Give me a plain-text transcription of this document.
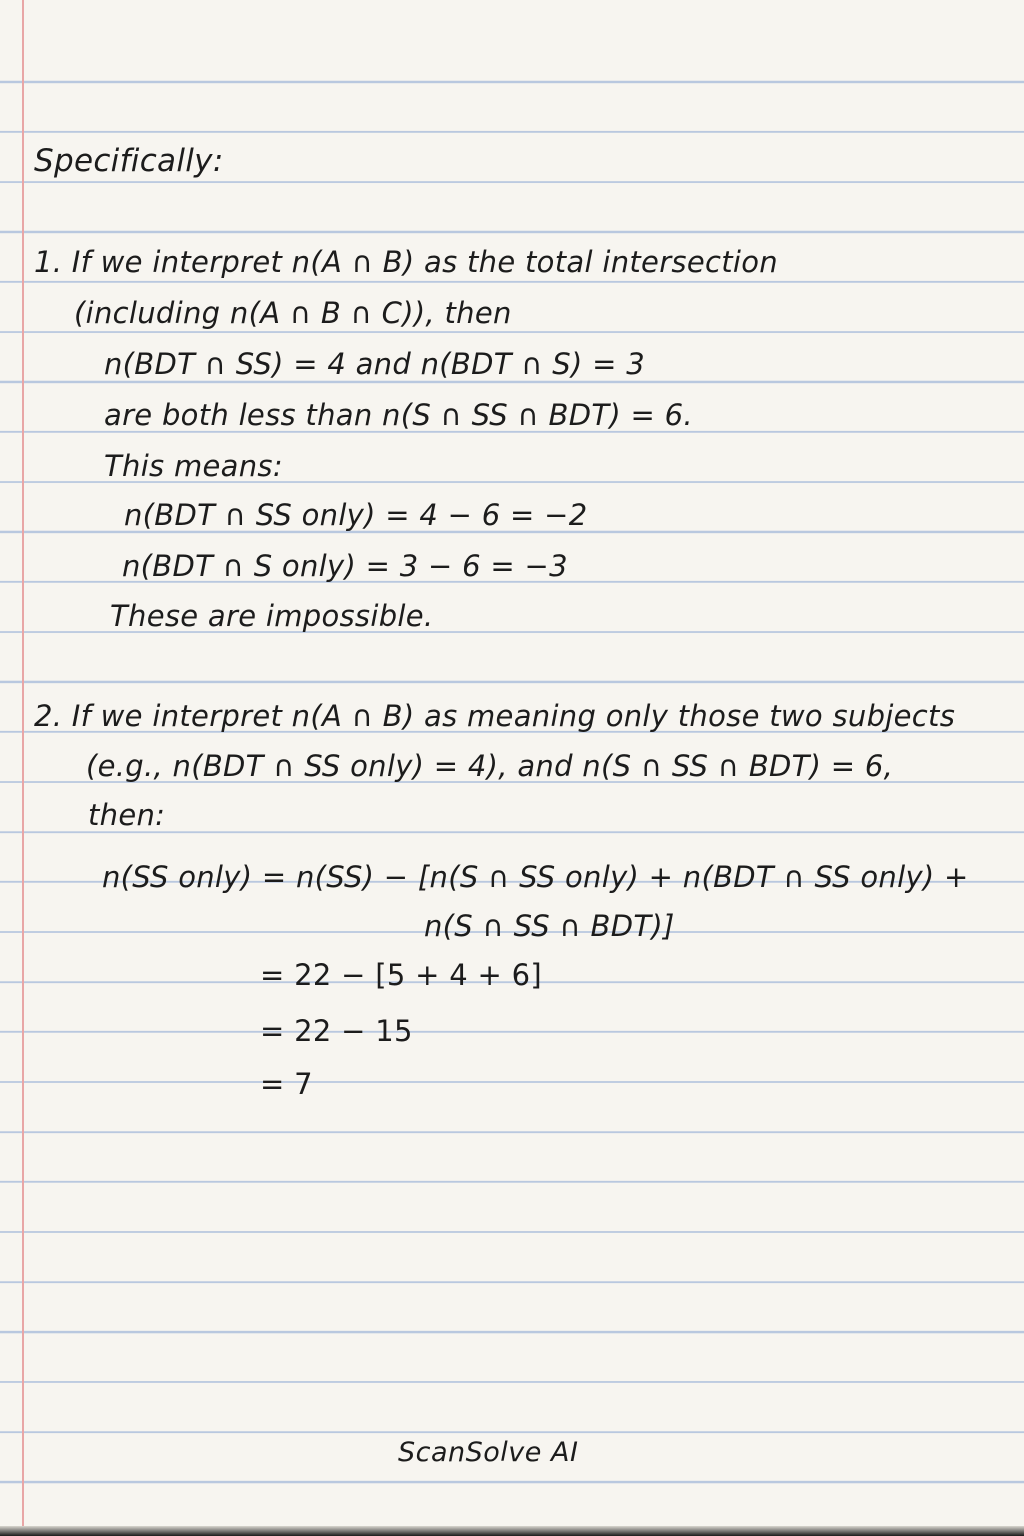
Specifically:
1. If we interpret n(A ∩ B) as the total intersection
(including n(A ∩ B ∩ C)), then
n(BDT ∩ SS) = 4 and n(BDT ∩ S) = 3
are both less than n(S ∩ SS ∩ BDT) = 6.
This means:
n(BDT ∩ SS only) = 4 − 6 = −2
n(BDT ∩ S only) = 3 − 6 = −3
These are impossible.
2. If we interpret n(A ∩ B) as meaning only those two subjects
(e.g., n(BDT ∩ SS only) = 4), and n(S ∩ SS ∩ BDT) = 6,
then:
n(SS only) = n(SS) − [n(S ∩ SS only) + n(BDT ∩ SS only) +
n(S ∩ SS ∩ BDT)]
= 22 − [5 + 4 + 6]
= 22 − 15
= 7
ScanSolve AI
